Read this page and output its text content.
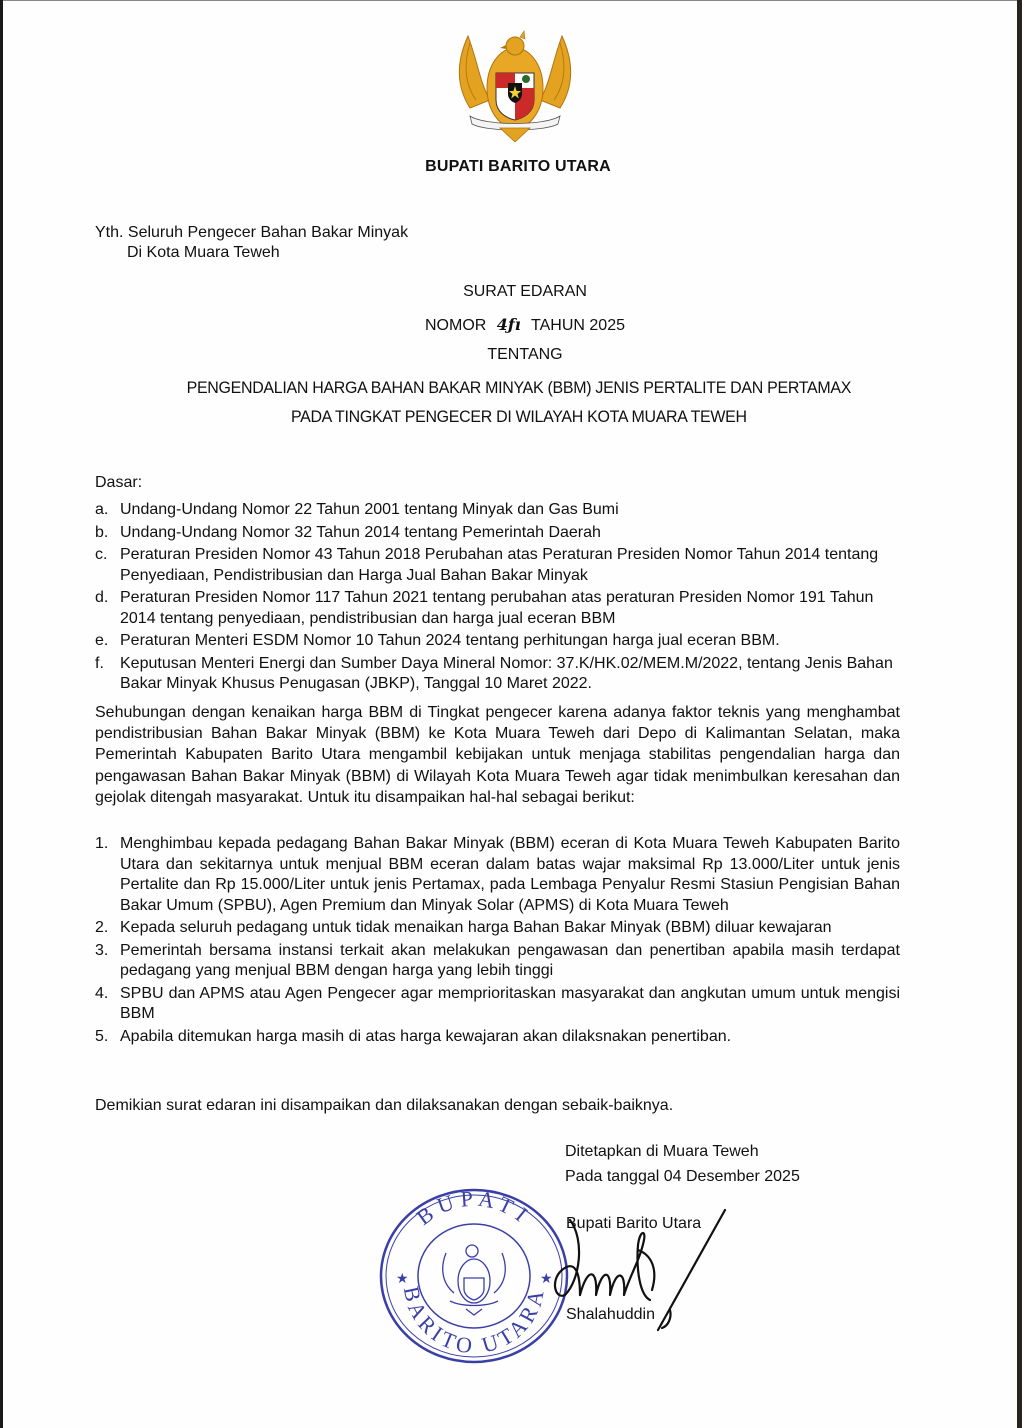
BUPATI BARITO UTARA
Yth. Seluruh Pengecer Bahan Bakar Minyak
Di Kota Muara Teweh
SURAT EDARAN
NOMOR 4ƒı TAHUN 2025
TENTANG
PENGENDALIAN HARGA BAHAN BAKAR MINYAK (BBM) JENIS PERTALITE DAN PERTAMAX
PADA TINGKAT PENGECER DI WILAYAH KOTA MUARA TEWEH
Dasar:
a. Undang-Undang Nomor 22 Tahun 2001 tentang Minyak dan Gas Bumi
b. Undang-Undang Nomor 32 Tahun 2014 tentang Pemerintah Daerah
c. Peraturan Presiden Nomor 43 Tahun 2018 Perubahan atas Peraturan Presiden Nomor Tahun 2014 tentang Penyediaan, Pendistribusian dan Harga Jual Bahan Bakar Minyak
d. Peraturan Presiden Nomor 117 Tahun 2021 tentang perubahan atas peraturan Presiden Nomor 191 Tahun 2014 tentang penyediaan, pendistribusian dan harga jual eceran BBM
e. Peraturan Menteri ESDM Nomor 10 Tahun 2024 tentang perhitungan harga jual eceran BBM.
f.	Keputusan Menteri Energi dan Sumber Daya Mineral Nomor: 37.K/HK.02/MEM.M/2022, tentang Jenis Bahan Bakar Minyak Khusus Penugasan (JBKP), Tanggal 10 Maret 2022.
Sehubungan dengan kenaikan harga BBM di Tingkat pengecer karena adanya faktor teknis yang menghambat pendistribusian Bahan Bakar Minyak (BBM) ke Kota Muara Teweh dari Depo di Kalimantan Selatan, maka Pemerintah Kabupaten Barito Utara mengambil kebijakan untuk menjaga stabilitas pengendalian harga dan pengawasan Bahan Bakar Minyak (BBM) di Wilayah Kota Muara Teweh agar tidak menimbulkan keresahan dan gejolak ditengah masyarakat. Untuk itu disampaikan hal-hal sebagai berikut:
1. Menghimbau kepada pedagang Bahan Bakar Minyak (BBM) eceran di Kota Muara Teweh Kabupaten Barito Utara dan sekitarnya untuk menjual BBM eceran dalam batas wajar maksimal Rp 13.000/Liter untuk jenis Pertalite dan Rp 15.000/Liter untuk jenis Pertamax, pada Lembaga Penyalur Resmi Stasiun Pengisian Bahan Bakar Umum (SPBU), Agen Premium dan Minyak Solar (APMS) di Kota Muara Teweh
2. Kepada seluruh pedagang untuk tidak menaikan harga Bahan Bakar Minyak (BBM) diluar kewajaran
3. Pemerintah bersama instansi terkait akan melakukan pengawasan dan penertiban apabila masih terdapat pedagang yang menjual BBM dengan harga yang lebih tinggi
4. SPBU dan APMS atau Agen Pengecer agar memprioritaskan masyarakat dan angkutan umum untuk mengisi BBM
5. Apabila ditemukan harga masih di atas harga kewajaran akan dilaksnakan penertiban.
Demikian surat edaran ini disampaikan dan dilaksanakan dengan sebaik-baiknya.
Ditetapkan di Muara Teweh
Pada tanggal 04 Desember 2025
BUPATI
BARITO UTARA
★	★
Bupati Barito Utara
Shalahuddin
